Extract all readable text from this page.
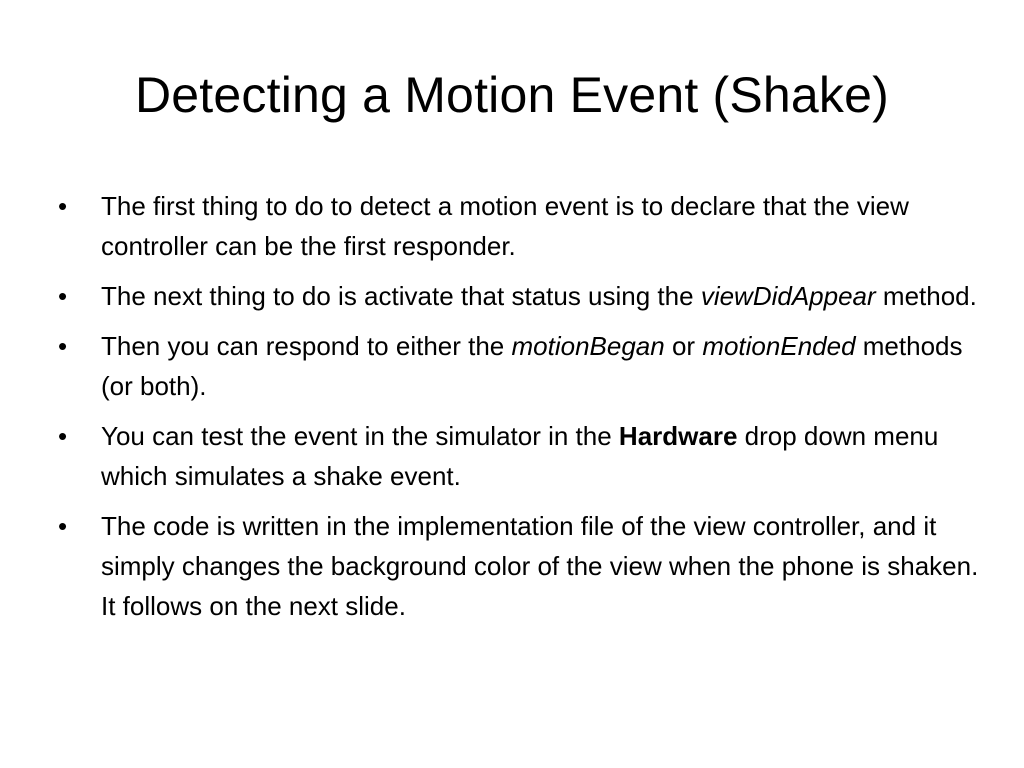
Detecting a Motion Event (Shake)
•	The first thing to do to detect a motion event is to declare that the view controller can be the first responder.
•	The next thing to do is activate that status using the viewDidAppear method.
•	Then you can respond to either the motionBegan or motionEnded methods (or both).
•	You can test the event in the simulator in the Hardware drop down menu which simulates a shake event.
•	The code is written in the implementation file of the view controller, and it simply changes the background color of the view when the phone is shaken. It follows on the next slide.
